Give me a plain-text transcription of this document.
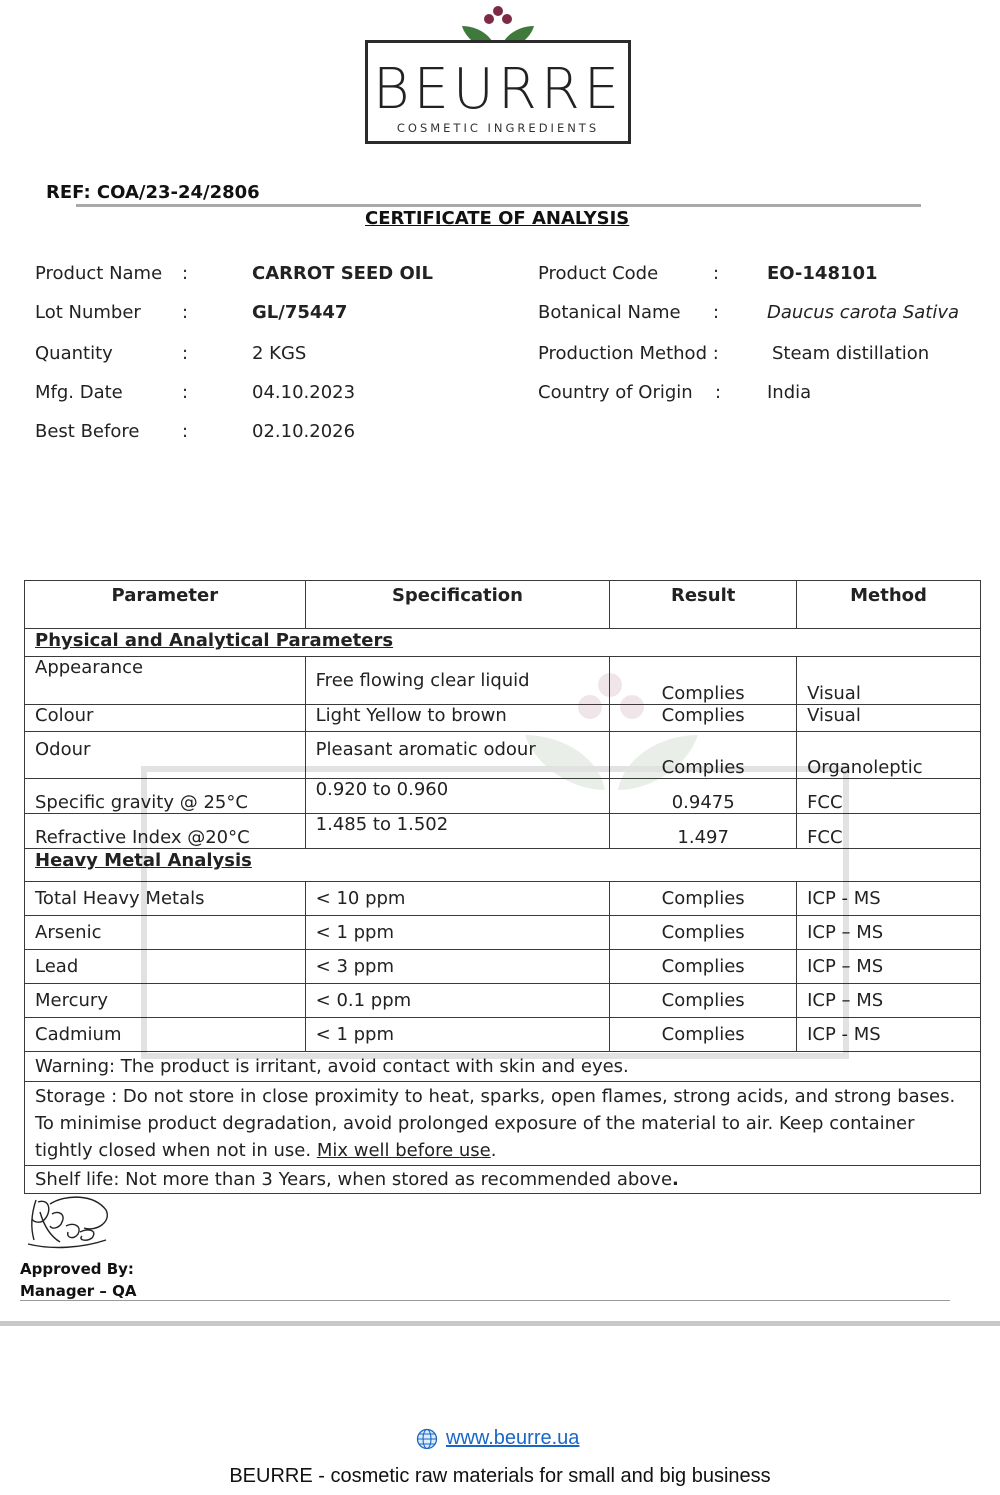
BEURRE
COSMETIC INGREDIENTS
REF: COA/23-24/2806
CERTIFICATE OF ANALYSIS
Product Name :	CARROT SEED OIL
Lot Number :	GL/75447
Quantity	:	2 KGS
Mfg. Date	:	04.10.2023
Best Before :	02.10.2026
Product Code	:	EO-148101
Botanical Name :	Daucus carota Sativa
Production Method :	Steam distillation
Country of Origin :	India
Parameter	Specification	Result	Method
Physical and Analytical Parameters			
Appearance	Free flowing clear liquid	Complies	Visual
Colour	Light Yellow to brown	Complies	Visual
Odour	Pleasant aromatic odour	Complies	Organoleptic
Specific gravity @ 25°C	0.920 to 0.960	0.9475	FCC
Refractive Index @20°C	1.485 to 1.502	1.497	FCC
Heavy Metal Analysis			
Total Heavy Metals	< 10 ppm	Complies	ICP - MS
Arsenic	< 1 ppm	Complies	ICP – MS
Lead	< 3 ppm	Complies	ICP – MS
Mercury	< 0.1 ppm	Complies	ICP – MS
Cadmium	< 1 ppm	Complies	ICP - MS
Warning: The product is irritant, avoid contact with skin and eyes.			
Storage : Do not store in close proximity to heat, sparks, open flames, strong acids, and strong bases. To minimise product degradation, avoid prolonged exposure of the material to air. Keep container tightly closed when not in use. Mix well before use.			
Shelf life: Not more than 3 Years, when stored as recommended above.			
Approved By:
Manager – QA
www.beurre.ua
BEURRE - cosmetic raw materials for small and big business
